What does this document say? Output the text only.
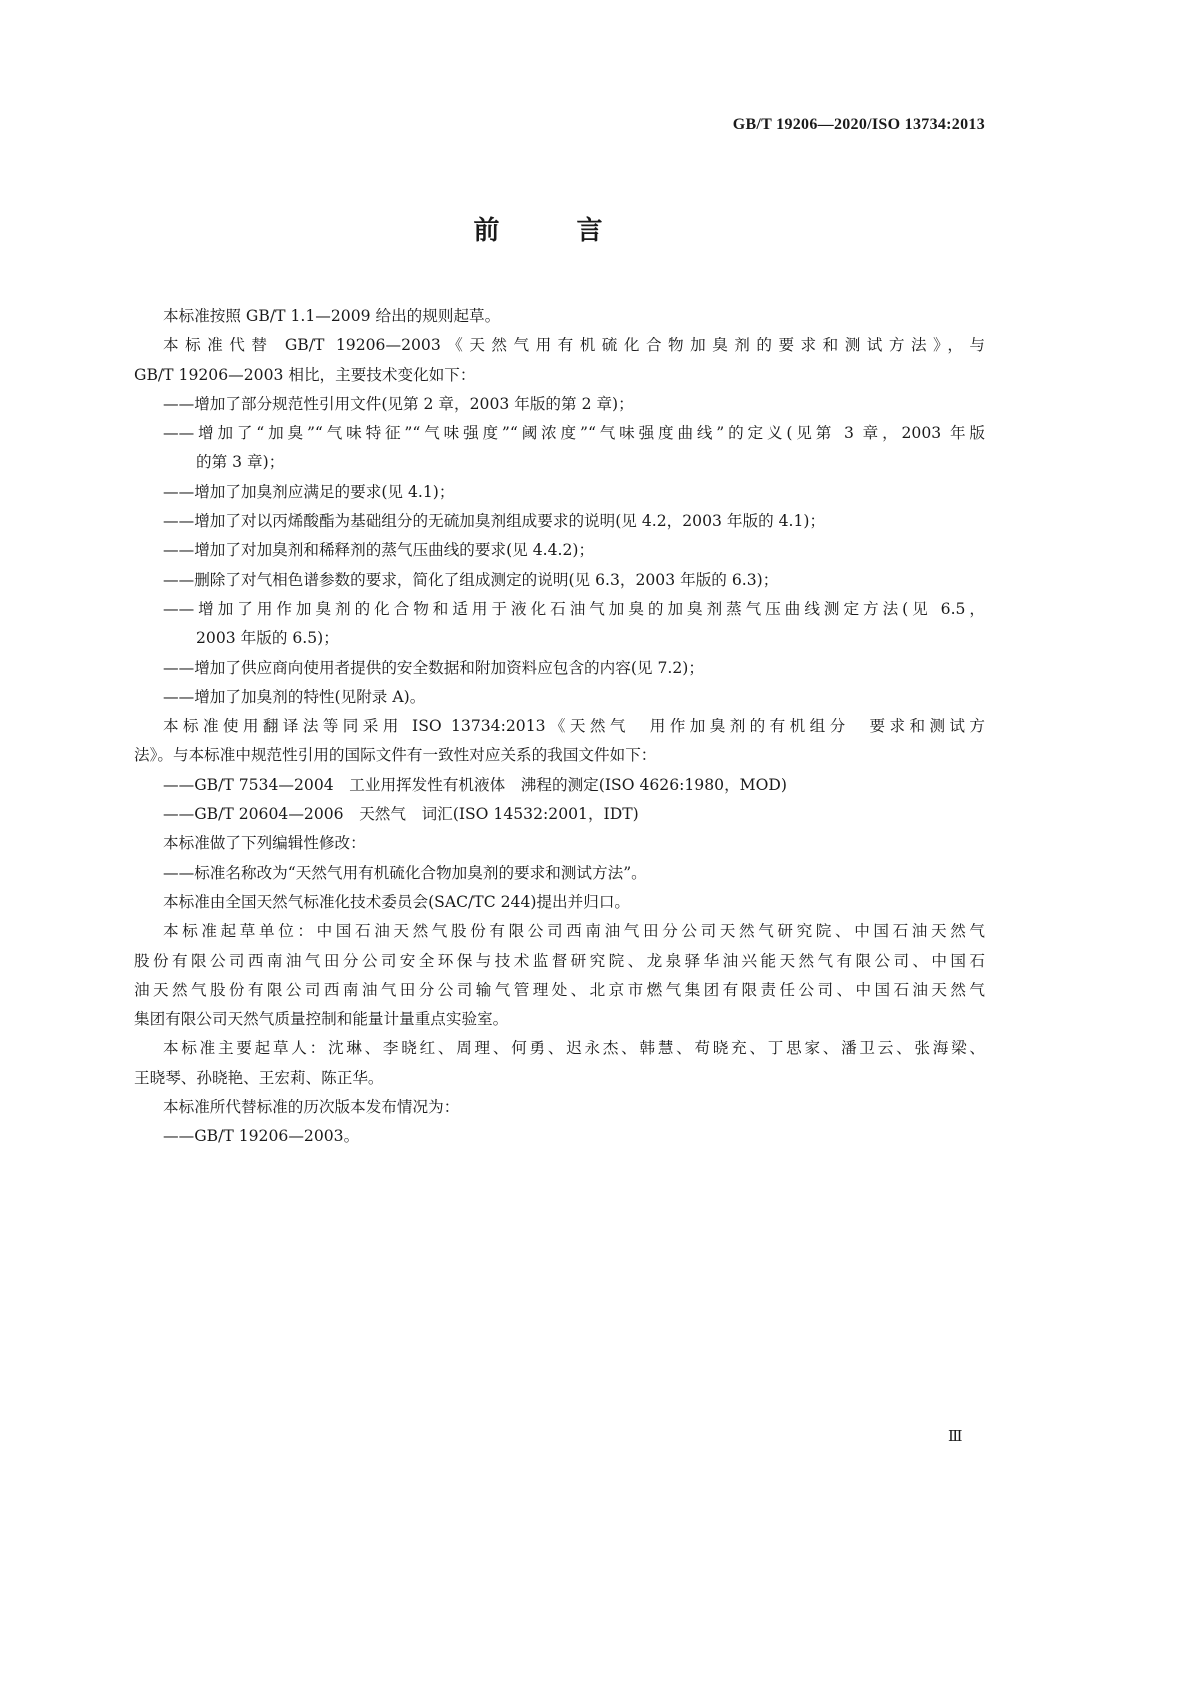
GB/T 19206—2020/ISO 13734:2013
前 言
本标准按照 GB/T 1.1—2009 给出的规则起草。
本标准代替 GB/T 19206—2003《天然气用有机硫化合物加臭剂的要求和测试方法》，与
GB/T 19206—2003 相比，主要技术变化如下：
——增加了部分规范性引用文件(见第 2 章，2003 年版的第 2 章)；
——增加了“加臭”“气味特征”“气味强度”“阈浓度”“气味强度曲线”的定义(见第 3 章，2003 年版
的第 3 章)；
——增加了加臭剂应满足的要求(见 4.1)；
——增加了对以丙烯酸酯为基础组分的无硫加臭剂组成要求的说明(见 4.2，2003 年版的 4.1)；
——增加了对加臭剂和稀释剂的蒸气压曲线的要求(见 4.4.2)；
——删除了对气相色谱参数的要求，简化了组成测定的说明(见 6.3，2003 年版的 6.3)；
——增加了用作加臭剂的化合物和适用于液化石油气加臭的加臭剂蒸气压曲线测定方法(见 6.5，
2003 年版的 6.5)；
——增加了供应商向使用者提供的安全数据和附加资料应包含的内容(见 7.2)；
——增加了加臭剂的特性(见附录 A)。
本标准使用翻译法等同采用 ISO 13734:2013《天然气　用作加臭剂的有机组分　要求和测试方
法》。与本标准中规范性引用的国际文件有一致性对应关系的我国文件如下：
——GB/T 7534—2004　工业用挥发性有机液体　沸程的测定(ISO 4626:1980，MOD)
——GB/T 20604—2006　天然气　词汇(ISO 14532:2001，IDT)
本标准做了下列编辑性修改：
——标准名称改为“天然气用有机硫化合物加臭剂的要求和测试方法”。
本标准由全国天然气标准化技术委员会(SAC/TC 244)提出并归口。
本标准起草单位：中国石油天然气股份有限公司西南油气田分公司天然气研究院、中国石油天然气
股份有限公司西南油气田分公司安全环保与技术监督研究院、龙泉驿华油兴能天然气有限公司、中国石
油天然气股份有限公司西南油气田分公司输气管理处、北京市燃气集团有限责任公司、中国石油天然气
集团有限公司天然气质量控制和能量计量重点实验室。
本标准主要起草人：沈琳、李晓红、周理、何勇、迟永杰、韩慧、苟晓充、丁思家、潘卫云、张海梁、
王晓琴、孙晓艳、王宏莉、陈正华。
本标准所代替标准的历次版本发布情况为：
——GB/T 19206—2003。
Ⅲ
